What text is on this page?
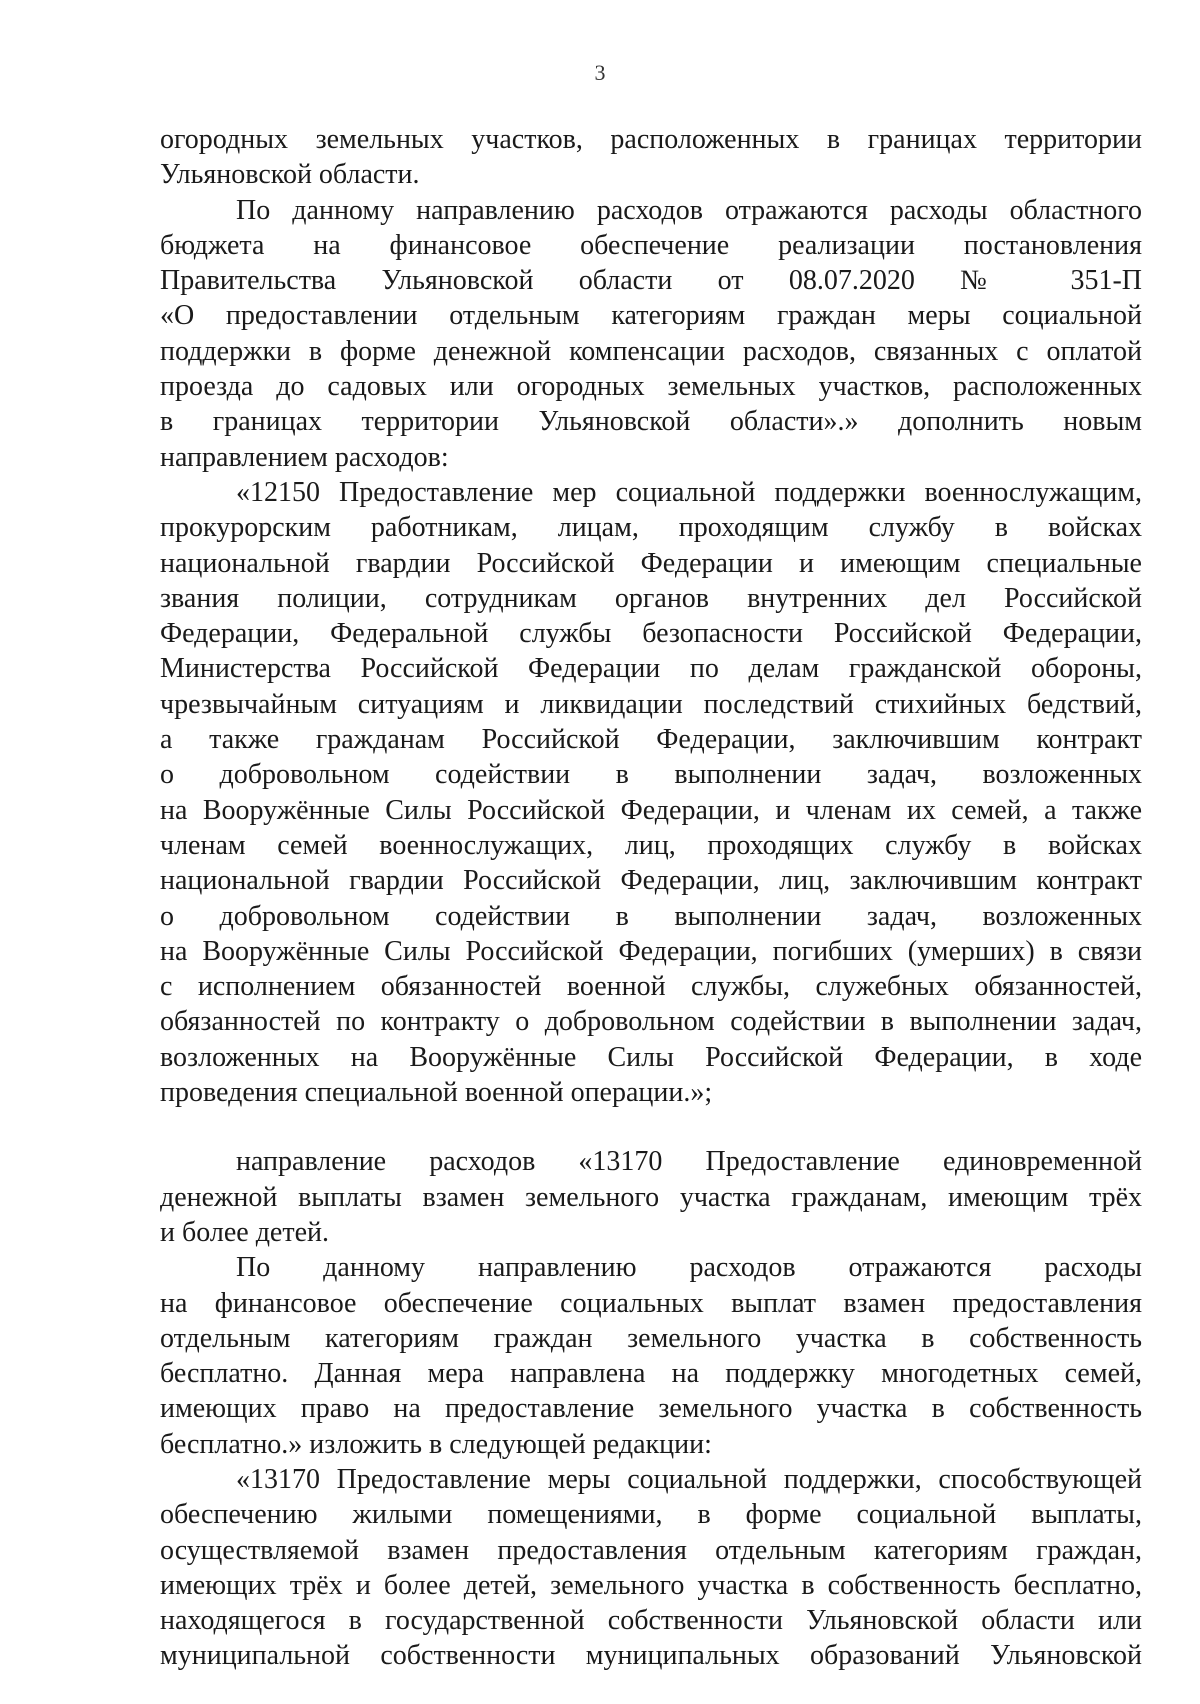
3
огородных земельных участков, расположенных в границах территории
Ульяновской области.
По данному направлению расходов отражаются расходы областного
бюджета на финансовое обеспечение реализации постановления
Правительства Ульяновской области от 08.07.2020 № 351-П
«О предоставлении отдельным категориям граждан меры социальной
поддержки в форме денежной компенсации расходов, связанных с оплатой
проезда до садовых или огородных земельных участков, расположенных
в границах территории Ульяновской области».» дополнить новым
направлением расходов:
«12150 Предоставление мер социальной поддержки военнослужащим,
прокурорским работникам, лицам, проходящим службу в войсках
национальной гвардии Российской Федерации и имеющим специальные
звания полиции, сотрудникам органов внутренних дел Российской
Федерации, Федеральной службы безопасности Российской Федерации,
Министерства Российской Федерации по делам гражданской обороны,
чрезвычайным ситуациям и ликвидации последствий стихийных бедствий,
а также гражданам Российской Федерации, заключившим контракт
о добровольном содействии в выполнении задач, возложенных
на Вооружённые Силы Российской Федерации, и членам их семей, а также
членам семей военнослужащих, лиц, проходящих службу в войсках
национальной гвардии Российской Федерации, лиц, заключившим контракт
о добровольном содействии в выполнении задач, возложенных
на Вооружённые Силы Российской Федерации, погибших (умерших) в связи
с исполнением обязанностей военной службы, служебных обязанностей,
обязанностей по контракту о добровольном содействии в выполнении задач,
возложенных на Вооружённые Силы Российской Федерации, в ходе
проведения специальной военной операции.»;
направление расходов «13170 Предоставление единовременной
денежной выплаты взамен земельного участка гражданам, имеющим трёх
и более детей.
По данному направлению расходов отражаются расходы
на финансовое обеспечение социальных выплат взамен предоставления
отдельным категориям граждан земельного участка в собственность
бесплатно. Данная мера направлена на поддержку многодетных семей,
имеющих право на предоставление земельного участка в собственность
бесплатно.» изложить в следующей редакции:
«13170 Предоставление меры социальной поддержки, способствующей
обеспечению жилыми помещениями, в форме социальной выплаты,
осуществляемой взамен предоставления отдельным категориям граждан,
имеющих трёх и более детей, земельного участка в собственность бесплатно,
находящегося в государственной собственности Ульяновской области или
муниципальной собственности муниципальных образований Ульяновской
